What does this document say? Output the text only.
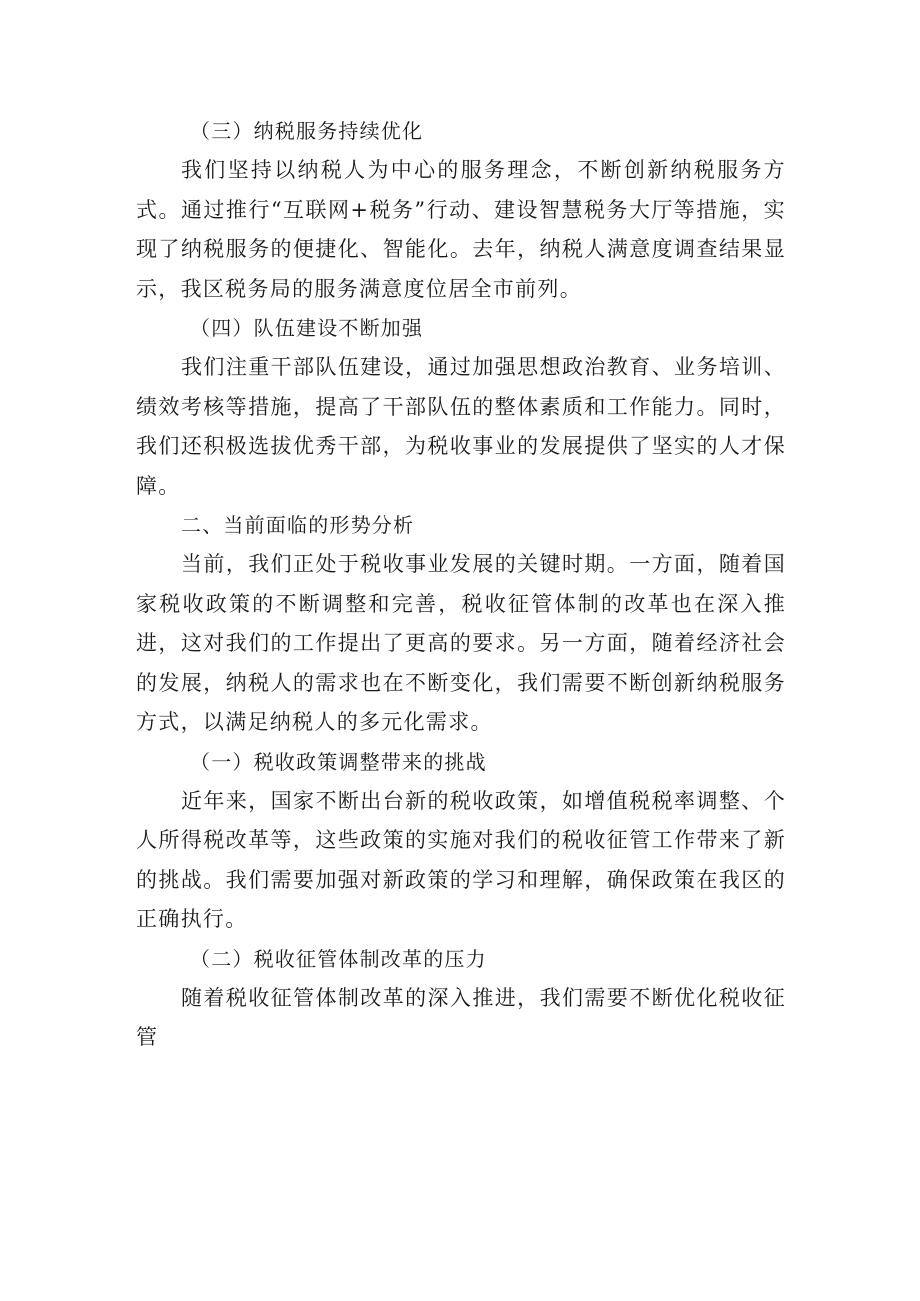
（三）纳税服务持续优化

我们坚持以纳税人为中心的服务理念，不断创新纳税服务方式。通过推行“互联网+税务”行动、建设智慧税务大厅等措施，实现了纳税服务的便捷化、智能化。去年，纳税人满意度调查结果显示，我区税务局的服务满意度位居全市前列。

（四）队伍建设不断加强

我们注重干部队伍建设，通过加强思想政治教育、业务培训、绩效考核等措施，提高了干部队伍的整体素质和工作能力。同时，我们还积极选拔优秀干部，为税收事业的发展提供了坚实的人才保障。

二、当前面临的形势分析

当前，我们正处于税收事业发展的关键时期。一方面，随着国家税收政策的不断调整和完善，税收征管体制的改革也在深入推进，这对我们的工作提出了更高的要求。另一方面，随着经济社会的发展，纳税人的需求也在不断变化，我们需要不断创新纳税服务方式，以满足纳税人的多元化需求。

（一）税收政策调整带来的挑战

近年来，国家不断出台新的税收政策，如增值税税率调整、个人所得税改革等，这些政策的实施对我们的税收征管工作带来了新的挑战。我们需要加强对新政策的学习和理解，确保政策在我区的正确执行。

（二）税收征管体制改革的压力

随着税收征管体制改革的深入推进，我们需要不断优化税收征管
